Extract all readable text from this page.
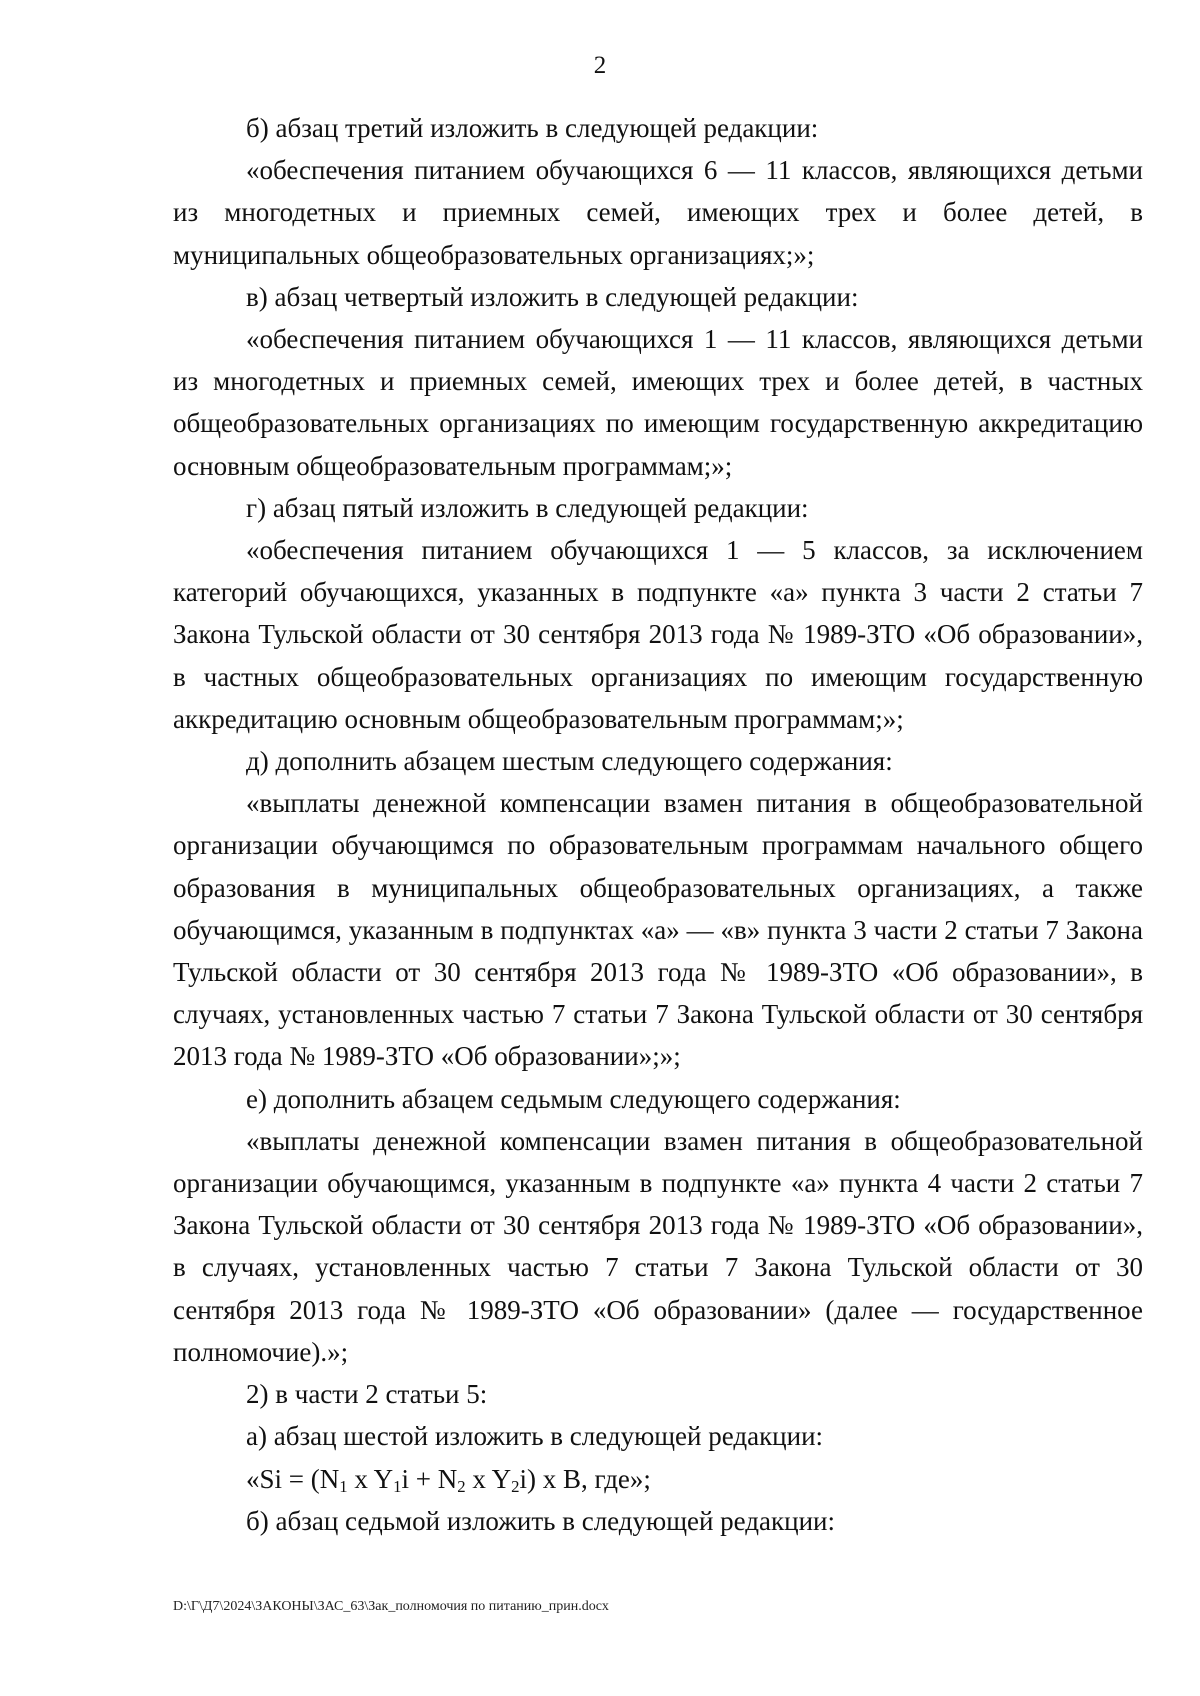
2

б) абзац третий изложить в следующей редакции:

«обеспечения питанием обучающихся 6 — 11 классов, являющихся детьми из многодетных и приемных семей, имеющих трех и более детей, в муниципальных общеобразовательных организациях;»;

в) абзац четвертый изложить в следующей редакции:

«обеспечения питанием обучающихся 1 — 11 классов, являющихся детьми из многодетных и приемных семей, имеющих трех и более детей, в частных общеобразовательных организациях по имеющим государственную аккредитацию основным общеобразовательным программам;»;

г) абзац пятый изложить в следующей редакции:

«обеспечения питанием обучающихся 1 — 5 классов, за исключением категорий обучающихся, указанных в подпункте «а» пункта 3 части 2 статьи 7 Закона Тульской области от 30 сентября 2013 года № 1989-ЗТО «Об образовании», в частных общеобразовательных организациях по имеющим государственную аккредитацию основным общеобразовательным программам;»;

д) дополнить абзацем шестым следующего содержания:

«выплаты денежной компенсации взамен питания в общеобразовательной организации обучающимся по образовательным программам начального общего образования в муниципальных общеобразовательных организациях, а также обучающимся, указанным в подпунктах «а» — «в» пункта 3 части 2 статьи 7 Закона Тульской области от 30 сентября 2013 года № 1989-ЗТО «Об образовании», в случаях, установленных частью 7 статьи 7 Закона Тульской области от 30 сентября 2013 года № 1989-ЗТО «Об образовании»;»;

е) дополнить абзацем седьмым следующего содержания:

«выплаты денежной компенсации взамен питания в общеобразовательной организации обучающимся, указанным в подпункте «а» пункта 4 части 2 статьи 7 Закона Тульской области от 30 сентября 2013 года № 1989-ЗТО «Об образовании», в случаях, установленных частью 7 статьи 7 Закона Тульской области от 30 сентября 2013 года № 1989-ЗТО «Об образовании» (далее — государственное полномочие).»;

2) в части 2 статьи 5:

а) абзац шестой изложить в следующей редакции:

«$Si = (N_1$ x $Y_1i + N_2$ x $Y_2i$) x B, где»;

б) абзац седьмой изложить в следующей редакции:

D:\Г\Д7\2024\ЗАКОНЫ\ЗАС_63\Зак_полномочия по питанию_прин.docx
